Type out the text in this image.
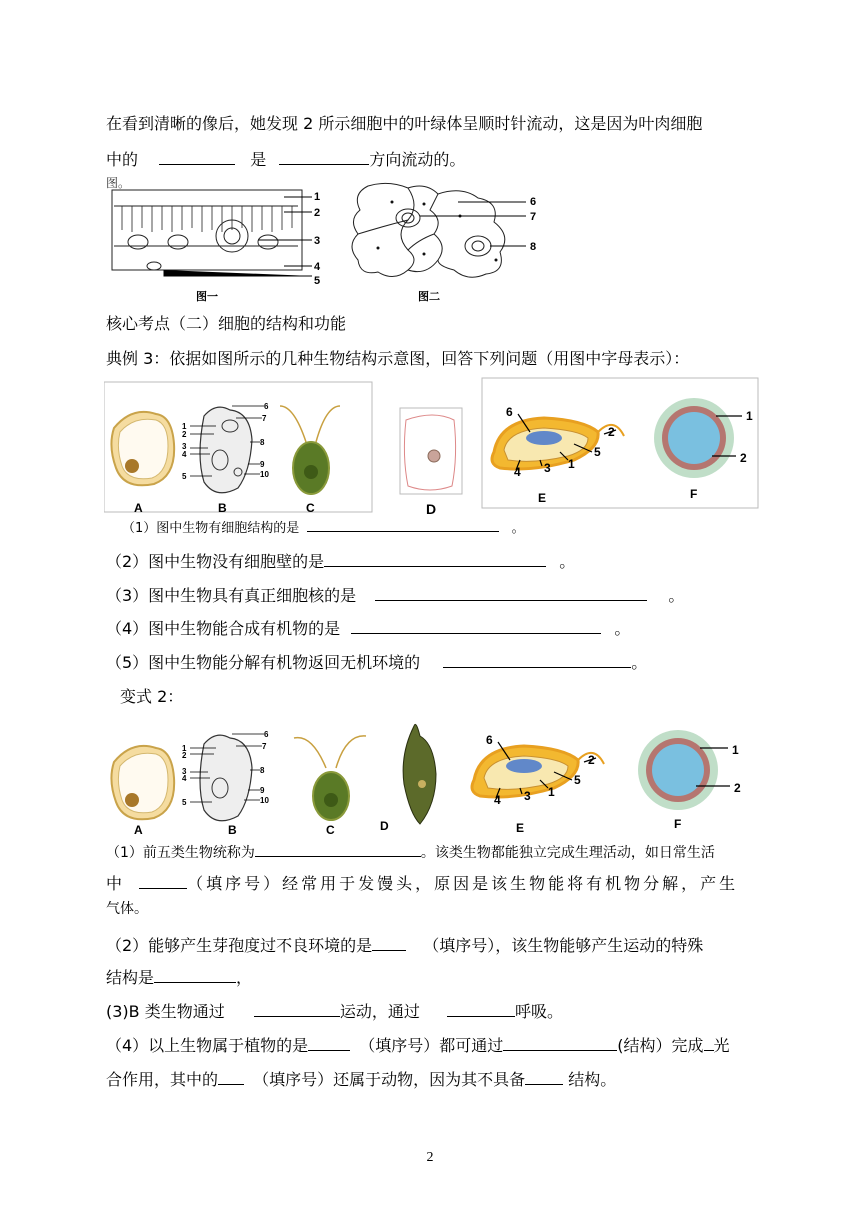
在看到清晰的像后，她发现 2 所示细胞中的叶绿体呈顺时针流动，这是因为叶肉细胞
中的	是	方向流动的。
图。
1
2
3
4
5
图一
6
7
8
图二
核心考点（二）细胞的结构和功能
典例 3：依据如图所示的几种生物结构示意图，回答下列问题（用图中字母表示）：
1
2
3
4
5
6
7
8
9
10
6
2
5
1
3
4
1
2
A	B	C	D
E	F
（1）图中生物有细胞结构的是	。
（2）图中生物没有细胞壁的是	。
（3）图中生物具有真正细胞核的是	。
（4）图中生物能合成有机物的是	。
（5）图中生物能分解有机物返回无机环境的	。
变式 2：
1
2
3
4
5
6
7
8
9
10
6
2
5
1
3
4
1
2
A	B	C	D	E	F
（1）前五类生物统称为	。该类生物都能独立完成生理活动，如日常生活
中	（填序号）经常用于发馒头，原因是该生物能将有机物分解，产生
气体。
（2）能够产生芽孢度过不良环境的是	（填序号），该生物能够产生运动的特殊
结构是	，
(3)B 类生物通过	运动，通过	呼吸。
（4）以上生物属于植物的是	（填序号）都可通过	(结构）完成 光
合作用，其中的 （填序号）还属于动物，因为其不具备	结构。
2
